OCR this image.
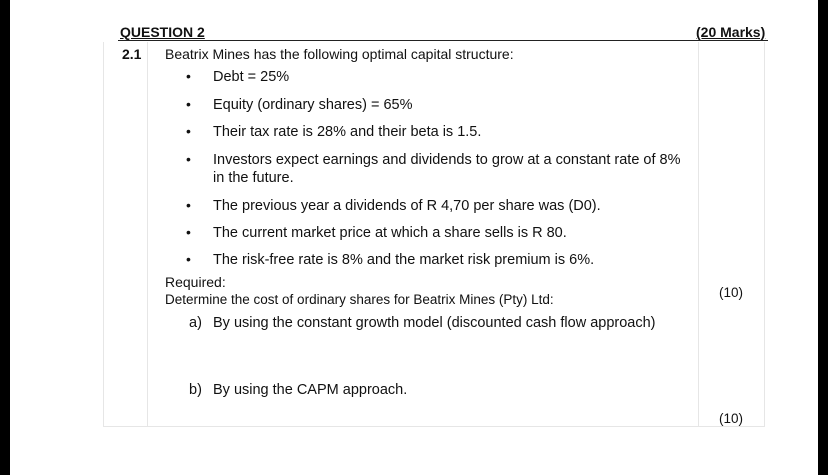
QUESTION 2	(20 Marks)
2.1 Beatrix Mines has the following optimal capital structure:
• Debt = 25%
• Equity (ordinary shares) = 65%
• Their tax rate is 28% and their beta is 1.5.
• Investors expect earnings and dividends to grow at a constant rate of 8%
in the future.
• The previous year a dividends of R 4,70 per share was (D0).
• The current market price at which a share sells is R 80.
• The risk-free rate is 8% and the market risk premium is 6%.
Required:
Determine the cost of ordinary shares for Beatrix Mines (Pty) Ltd:	(10)
a) By using the constant growth model (discounted cash flow approach)
b) By using the CAPM approach.
(10)
